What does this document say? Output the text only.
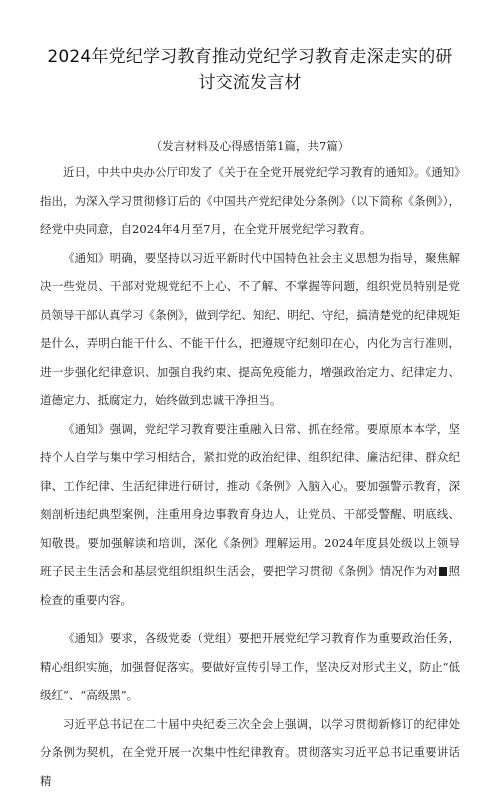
2024年党纪学习教育推动党纪学习教育走深走实的研讨交流发言材
（发言材料及心得感悟第1篇，共7篇）

近日，中共中央办公厅印发了《关于在全党开展党纪学习教育的通知》。《通知》指出，为深入学习贯彻修订后的《中国共产党纪律处分条例》（以下简称《条例》），经党中央同意，自2024年4月至7月，在全党开展党纪学习教育。

《通知》明确，要坚持以习近平新时代中国特色社会主义思想为指导，聚焦解决一些党员、干部对党规党纪不上心、不了解、不掌握等问题，组织党员特别是党员领导干部认真学习《条例》，做到学纪、知纪、明纪、守纪，搞清楚党的纪律规矩是什么，弄明白能干什么、不能干什么，把遵规守纪刻印在心，内化为言行准则，进一步强化纪律意识、加强自我约束、提高免疫能力，增强政治定力、纪律定力、道德定力、抵腐定力，始终做到忠诚干净担当。

《通知》强调，党纪学习教育要注重融入日常、抓在经常。要原原本本学，坚持个人自学与集中学习相结合，紧扣党的政治纪律、组织纪律、廉洁纪律、群众纪律、工作纪律、生活纪律进行研讨，推动《条例》入脑入心。要加强警示教育，深刻剖析违纪典型案例，注重用身边事教育身边人，让党员、干部受警醒、明底线、知敬畏。要加强解读和培训，深化《条例》理解运用。2024年度县处级以上领导班子民主生活会和基层党组织组织生活会，要把学习贯彻《条例》情况作为对 照检查的重要内容。

《通知》要求，各级党委（党组）要把开展党纪学习教育作为重要政治任务，精心组织实施，加强督促落实。要做好宣传引导工作，坚决反对形式主义，防止“低级红”、“高级黑”。

习近平总书记在二十届中央纪委三次全会上强调，以学习贯彻新修订的纪律处分条例为契机，在全党开展一次集中性纪律教育。贯彻落实习近平总书记重要讲话精
